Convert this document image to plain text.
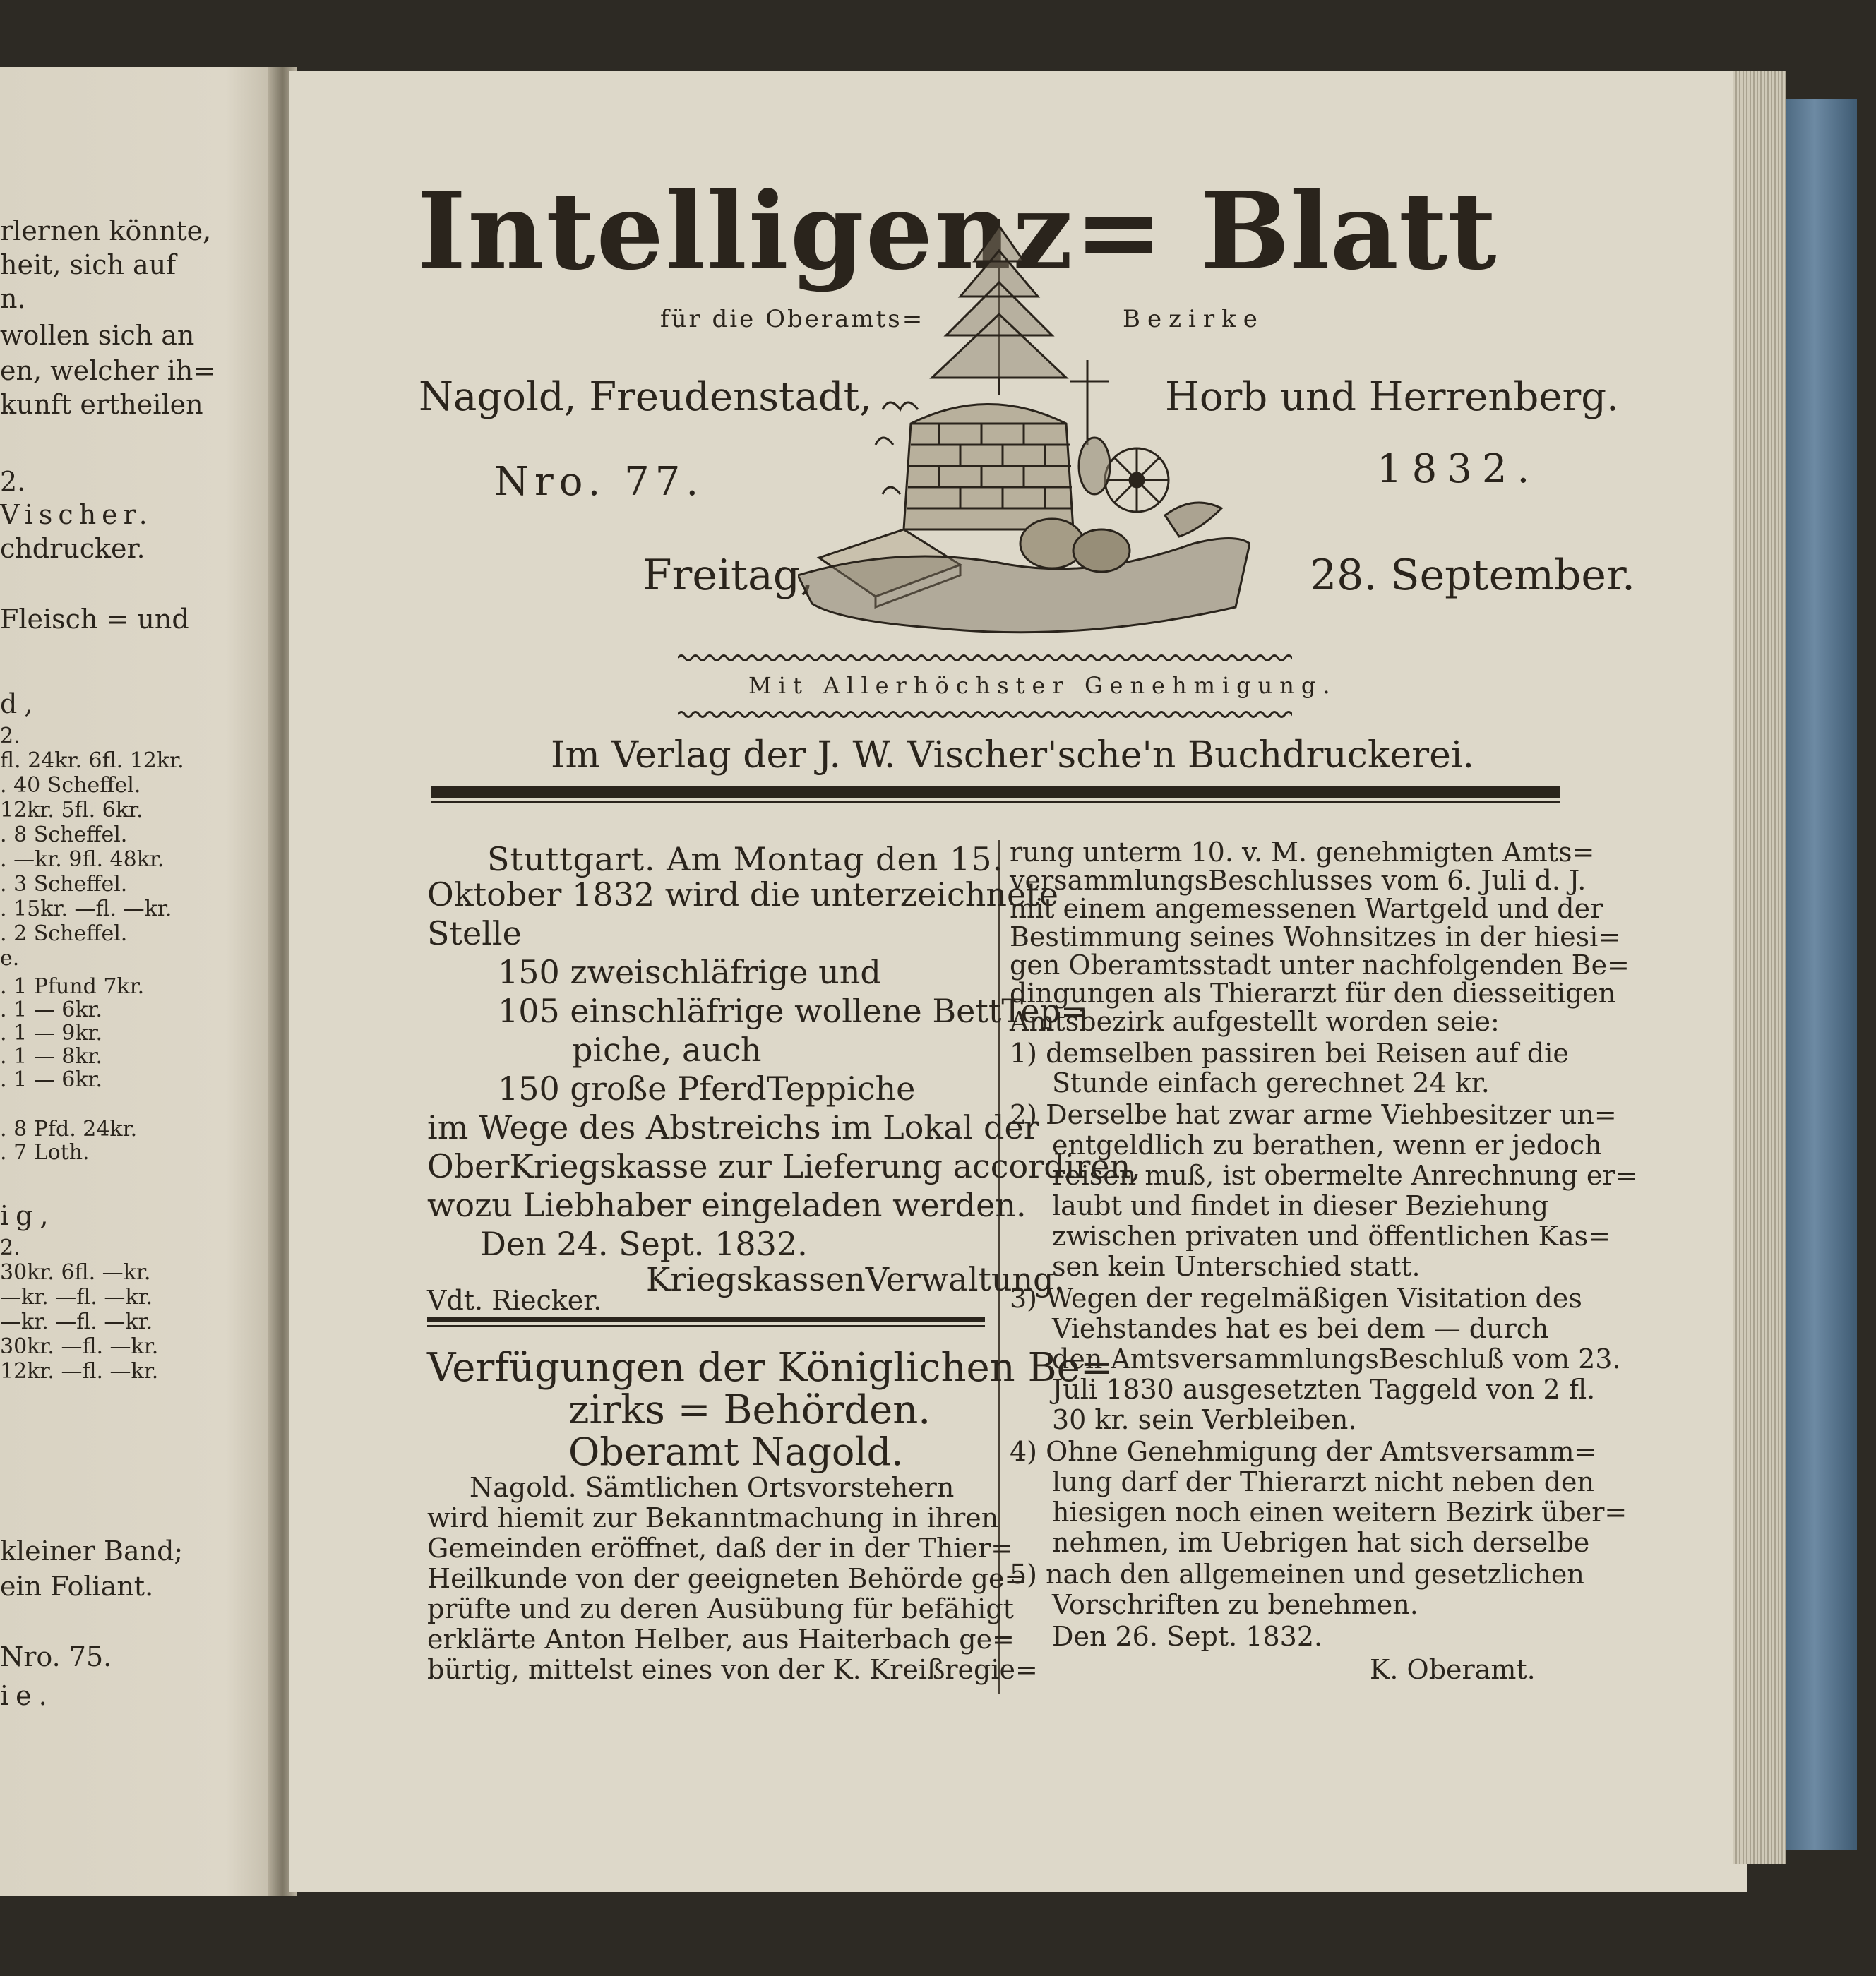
rlernen könnte,
heit, sich auf
n.
wollen sich an
en, welcher ih=
kunft ertheilen
2.
Vischer.
chdrucker.
Fleisch = und
d,
2.
fl. 24kr. 6fl. 12kr.
. 40 Scheffel.
12kr. 5fl. 6kr.
. 8 Scheffel.
. —kr. 9fl. 48kr.
. 3 Scheffel.
. 15kr. —fl. —kr.
. 2 Scheffel.
e.
. 1 Pfund 7kr.
. 1 — 6kr.
. 1 — 9kr.
. 1 — 8kr.
. 1 — 6kr.
. 8 Pfd. 24kr.
. 7 Loth.
ig,
2.
30kr. 6fl. —kr.
—kr. —fl. —kr.
—kr. —fl. —kr.
30kr. —fl. —kr.
12kr. —fl. —kr.
kleiner Band;
ein Foliant.
Nro. 75.
ie.
Intelligenz= Blatt
für die Oberamts=	Bezirke
Nagold, Freudenstadt,	Horb und Herrenberg.
Nro. 77.	1832.
Freitag,	28. September.
Mit Allerhöchster Genehmigung.
Im Verlag der J. W. Vischer'sche'n Buchdruckerei.
Stuttgart. Am Montag den 15.
Oktober 1832 wird die unterzeichnete
Stelle
150 zweischläfrige und
105 einschläfrige wollene BettTep=
piche, auch
150 große PferdTeppiche
im Wege des Abstreichs im Lokal der
OberKriegskasse zur Lieferung accordiren,
wozu Liebhaber eingeladen werden.
Den 24. Sept. 1832.
KriegskassenVerwaltung.
Vdt. Riecker.
Verfügungen der Königlichen Be=
zirks = Behörden.
Oberamt Nagold.
Nagold. Sämtlichen Ortsvorstehern
wird hiemit zur Bekanntmachung in ihren
Gemeinden eröffnet, daß der in der Thier=
Heilkunde von der geeigneten Behörde ge=
prüfte und zu deren Ausübung für befähigt
erklärte Anton Helber, aus Haiterbach ge=
bürtig, mittelst eines von der K. Kreißregie=
rung unterm 10. v. M. genehmigten Amts=
versammlungsBeschlusses vom 6. Juli d. J.
mit einem angemessenen Wartgeld und der
Bestimmung seines Wohnsitzes in der hiesi=
gen Oberamtsstadt unter nachfolgenden Be=
dingungen als Thierarzt für den diesseitigen
Amtsbezirk aufgestellt worden seie:
1) demselben passiren bei Reisen auf die
Stunde einfach gerechnet 24 kr.
2) Derselbe hat zwar arme Viehbesitzer un=
entgeldlich zu berathen, wenn er jedoch
reisen muß, ist obermelte Anrechnung er=
laubt und findet in dieser Beziehung
zwischen privaten und öffentlichen Kas=
sen kein Unterschied statt.
3) Wegen der regelmäßigen Visitation des
Viehstandes hat es bei dem — durch
den AmtsversammlungsBeschluß vom 23.
Juli 1830 ausgesetzten Taggeld von 2 fl.
30 kr. sein Verbleiben.
4) Ohne Genehmigung der Amtsversamm=
lung darf der Thierarzt nicht neben den
hiesigen noch einen weitern Bezirk über=
nehmen, im Uebrigen hat sich derselbe
5) nach den allgemeinen und gesetzlichen
Vorschriften zu benehmen.
Den 26. Sept. 1832.
K. Oberamt.
